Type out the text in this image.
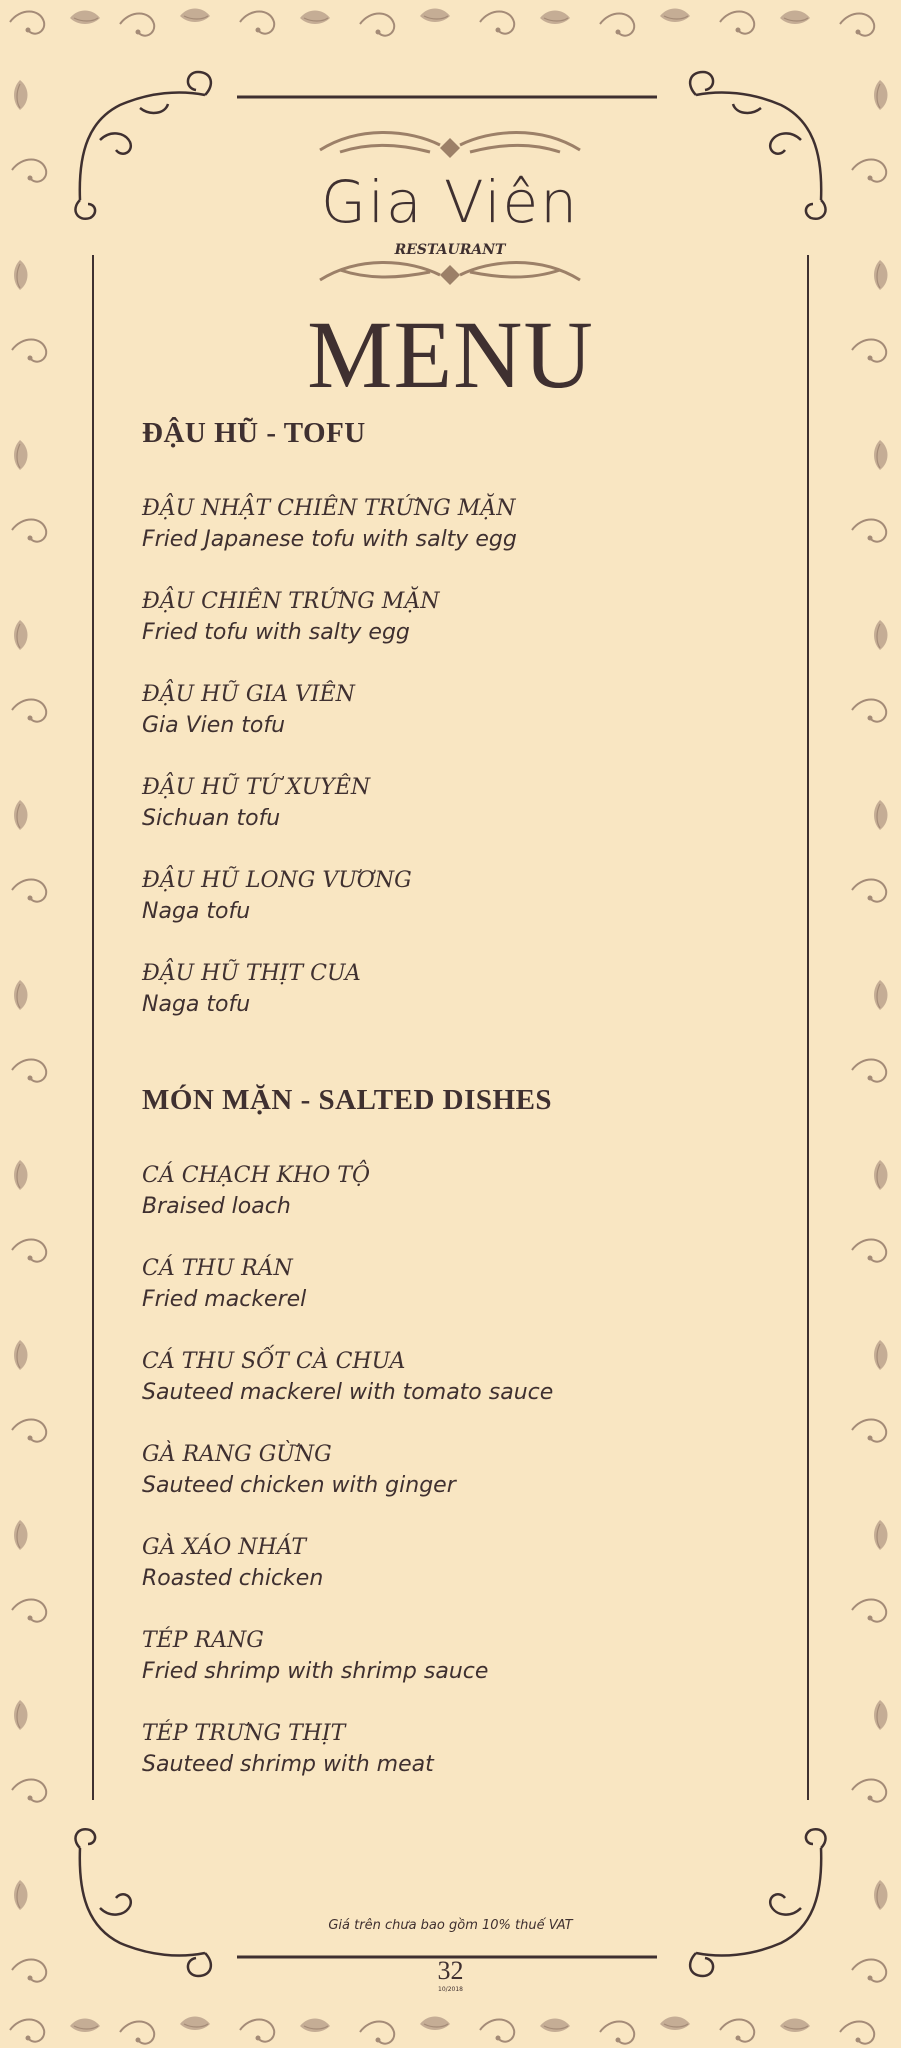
Gia Viên
RESTAURANT
MENU
ĐẬU HŨ - TOFU
ĐẬU NHẬT CHIÊN TRỨNG MẶN
Fried Japanese tofu with salty egg
ĐẬU CHIÊN TRỨNG MẶN
Fried tofu with salty egg
ĐẬU HŨ GIA VIÊN
Gia Vien tofu
ĐẬU HŨ TỨ XUYÊN
Sichuan tofu
ĐẬU HŨ LONG VƯƠNG
Naga tofu
ĐẬU HŨ THỊT CUA
Naga tofu
MÓN MẶN - SALTED DISHES
CÁ CHẠCH KHO TỘ
Braised loach
CÁ THU RÁN
Fried mackerel
CÁ THU SỐT CÀ CHUA
Sauteed mackerel with tomato sauce
GÀ RANG GỪNG
Sauteed chicken with ginger
GÀ XÁO NHÁT
Roasted chicken
TÉP RANG
Fried shrimp with shrimp sauce
TÉP TRƯNG THỊT
Sauteed shrimp with meat
Giá trên chưa bao gồm 10% thuế VAT
32
10/2018
